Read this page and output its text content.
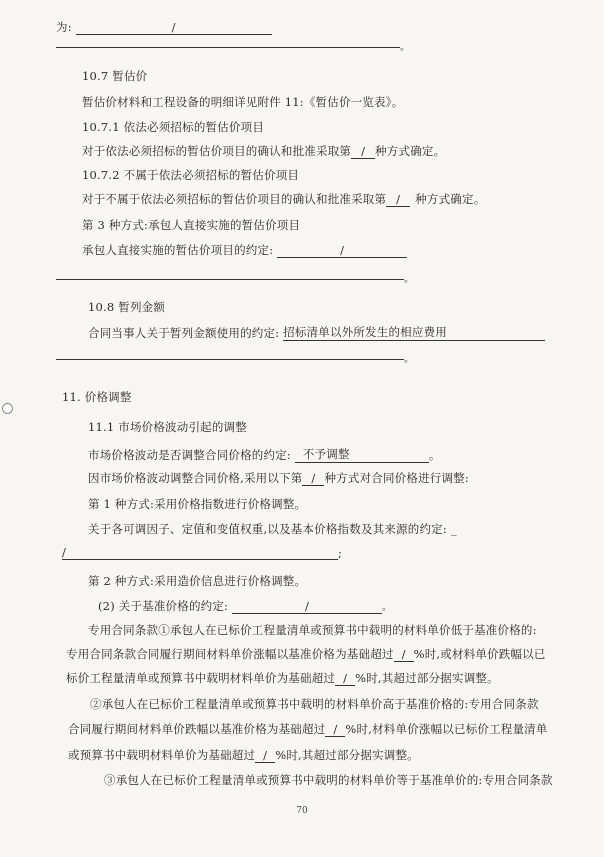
为:	/
。
10.7 暂估价
暂估价材料和工程设备的明细详见附件 11:《暂估价一览表》。
10.7.1 依法必须招标的暂估价项目
对于依法必须招标的暂估价项目的确认和批准采取第 / 种方式确定。
10.7.2 不属于依法必须招标的暂估价项目
对于不属于依法必须招标的暂估价项目的确认和批准采取第 / 种方式确定。
第 3 种方式:承包人直接实施的暂估价项目
承包人直接实施的暂估价项目的约定:	/
。
10.8 暂列金额
合同当事人关于暂列金额使用的约定: 招标清单以外所发生的相应费用
。
11. 价格调整
11.1 市场价格波动引起的调整
市场价格波动是否调整合同价格的约定: 不予调整	。
因市场价格波动调整合同价格,采用以下第 / 种方式对合同价格进行调整:
第 1 种方式:采用价格指数进行价格调整。
关于各可调因子、定值和变值权重,以及基本价格指数及其来源的约定: _
/	;
第 2 种方式:采用造价信息进行价格调整。
(2) 关于基准价格的约定:	/	。
专用合同条款①承包人在已标价工程量清单或预算书中载明的材料单价低于基准价格的:
专用合同条款合同履行期间材料单价涨幅以基准价格为基础超过 / %时,或材料单价跌幅以已
标价工程量清单或预算书中载明材料单价为基础超过 / %时,其超过部分据实调整。
②承包人在已标价工程量清单或预算书中载明的材料单价高于基准价格的:专用合同条款
合同履行期间材料单价跌幅以基准价格为基础超过 / %时,材料单价涨幅以已标价工程量清单
或预算书中载明材料单价为基础超过 / %时,其超过部分据实调整。
③承包人在已标价工程量清单或预算书中载明的材料单价等于基准单价的:专用合同条款
70
